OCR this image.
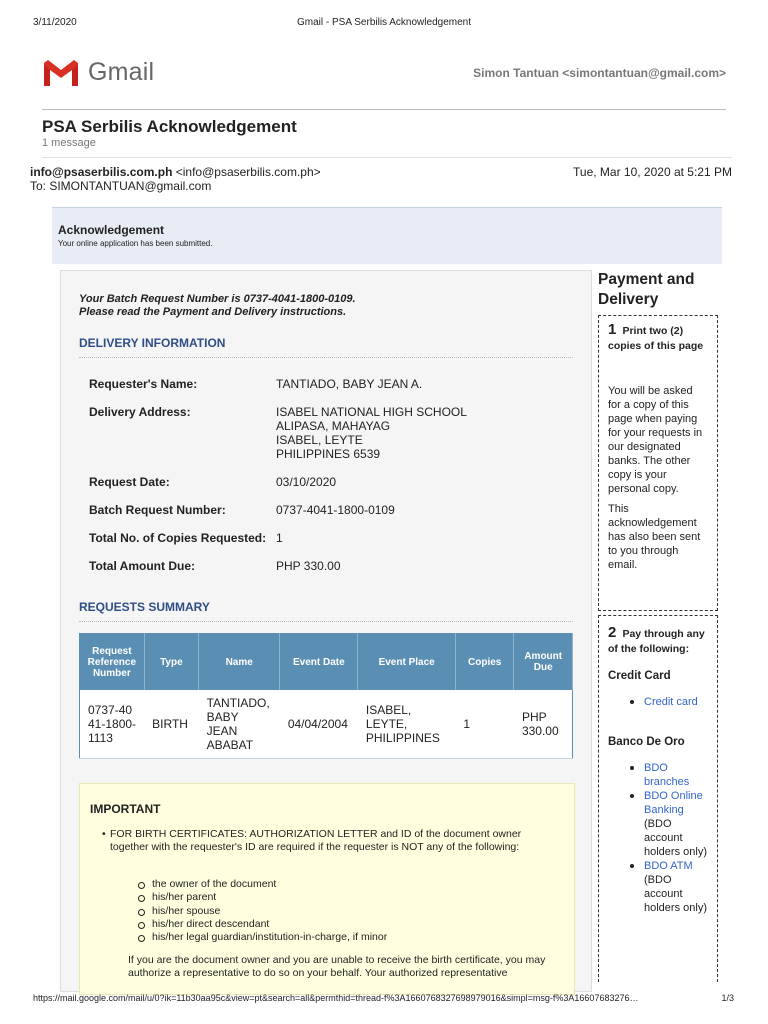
3/11/2020	Gmail - PSA Serbilis Acknowledgement
Gmail	Simon Tantuan <simontantuan@gmail.com>
PSA Serbilis Acknowledgement
1 message
info@psaserbilis.com.ph <info@psaserbilis.com.ph>
To: SIMONTANTUAN@gmail.com
Tue, Mar 10, 2020 at 5:21 PM
Acknowledgement
Your online application has been submitted.
Your Batch Request Number is 0737-4041-1800-0109.
Please read the Payment and Delivery instructions.
DELIVERY INFORMATION
Requester's Name:	TANTIADO, BABY JEAN A.
Delivery Address:	ISABEL NATIONAL HIGH SCHOOL
ALIPASA, MAHAYAG
ISABEL, LEYTE
PHILIPPINES 6539
Request Date:	03/10/2020
Batch Request Number:	0737-4041-1800-0109
Total No. of Copies Requested: 1
Total Amount Due:	PHP 330.00
REQUESTS SUMMARY
Request Reference Number	Type	Name	Event Date	Event Place	Copies	Amount Due
0737-4041-1800-1113	BIRTH	TANTIADO, BABY JEAN ABABAT	04/04/2004	ISABEL, LEYTE, PHILIPPINES	1	PHP 330.00
IMPORTANT
• FOR BIRTH CERTIFICATES: AUTHORIZATION LETTER and ID of the document owner together with the requester's ID are required if the requester is NOT any of the following:
the owner of the document
his/her parent
his/her spouse
his/her direct descendant
his/her legal guardian/institution-in-charge, if minor
If you are the document owner and you are unable to receive the birth certificate, you may authorize a representative to do so on your behalf. Your authorized representative
Payment and
Delivery
1 Print two (2) copies of this page
You will be asked for a copy of this page when paying for your requests in our designated banks. The other copy is your personal copy.
This acknowledgement has also been sent to you through email.
2 Pay through any of the following:
Credit Card
Credit card
Banco De Oro
BDO branches
BDO Online Banking
(BDO account holders only)
BDO ATM
(BDO account holders only)
https://mail.google.com/mail/u/0?ik=11b30aa95c&view=pt&search=all&permthid=thread-f%3A1660768327698979016&simpl=msg-f%3A16607683276…	1/3
